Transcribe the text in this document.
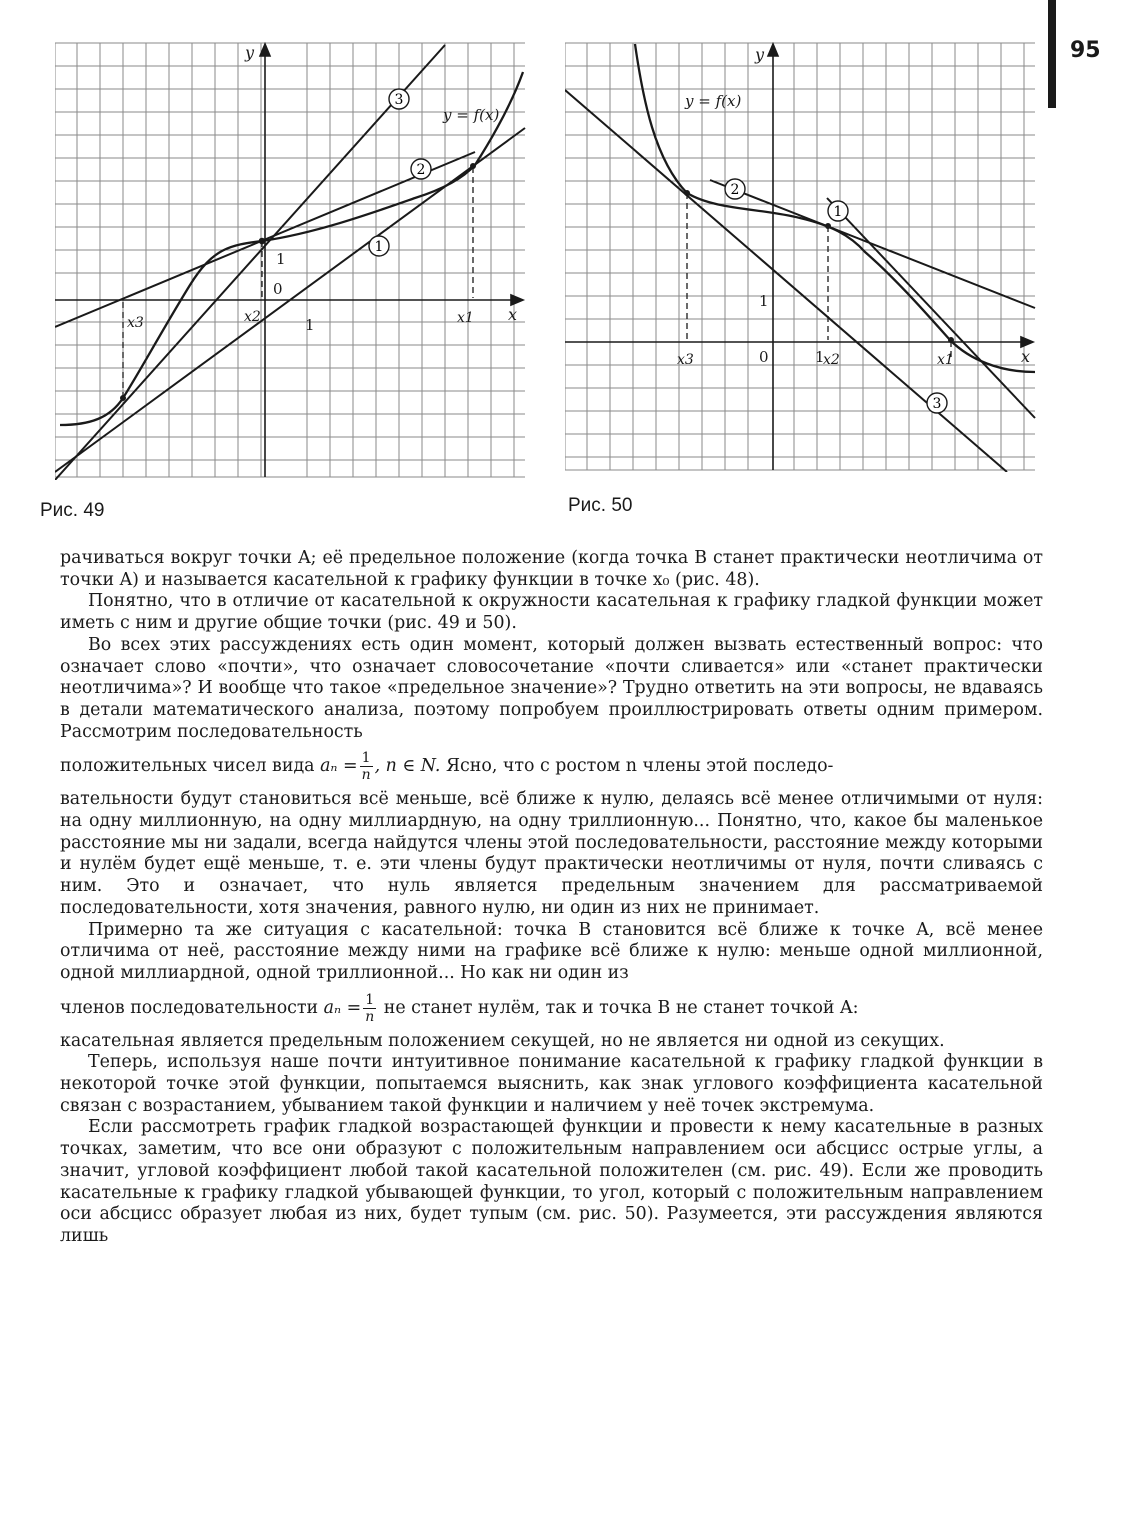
95
1
2
3
y = f(x)
y
x
0
1
1
x3	x2	x1
Рис. 49
1
2
3
y = f(x)
y
x
0
1
1
x3	x2	x1
Рис. 50

рачиваться вокруг точки A; её предельное положение (когда точка B станет практически неотличима от точки A) и называется касательной к графику функции в точке x₀ (рис. 48).

Понятно, что в отличие от касательной к окружности касательная к графику гладкой функции может иметь с ним и другие общие точки (рис. 49 и 50).

Во всех этих рассуждениях есть один момент, который должен вызвать естественный вопрос: что означает слово «почти», что означает словосочетание «почти сливается» или «станет практически неотличима»? И вообще что такое «предельное значение»? Трудно ответить на эти вопросы, не вдаваясь в детали математического анализа, поэтому попробуем проиллюстрировать ответы одним примером. Рассмотрим последовательность

положительных чисел вида $a_n = \frac{1}{n}$ , n ∈ N. Ясно, что с ростом n члены этой последо-

вательности будут становиться всё меньше, всё ближе к нулю, делаясь всё менее отличимыми от нуля: на одну миллионную, на одну миллиардную, на одну триллионную... Понятно, что, какое бы маленькое расстояние мы ни задали, всегда найдутся члены этой последовательности, расстояние между которыми и нулём будет ещё меньше, т. е. эти члены будут практически неотличимы от нуля, почти сливаясь с ним. Это и означает, что нуль является предельным значением для рассматриваемой последовательности, хотя значения, равного нулю, ни один из них не принимает.

Примерно та же ситуация с касательной: точка B становится всё ближе к точке A, всё менее отличима от неё, расстояние между ними на графике всё ближе к нулю: меньше одной миллионной, одной миллиардной, одной триллионной... Но как ни один из

членов последовательности $a_n = \frac{1}{n}$ не станет нулём, так и точка B не станет точкой A:

касательная является предельным положением секущей, но не является ни одной из секущих.

Теперь, используя наше почти интуитивное понимание касательной к графику гладкой функции в некоторой точке этой функции, попытаемся выяснить, как знак углового коэффициента касательной связан с возрастанием, убыванием такой функции и наличием у неё точек экстремума.

Если рассмотреть график гладкой возрастающей функции и провести к нему касательные в разных точках, заметим, что все они образуют с положительным направлением оси абсцисс острые углы, а значит, угловой коэффициент любой такой касательной положителен (см. рис. 49). Если же проводить касательные к графику гладкой убывающей функции, то угол, который с положительным направлением оси абсцисс образует любая из них, будет тупым (см. рис. 50). Разумеется, эти рассуждения являются лишь
